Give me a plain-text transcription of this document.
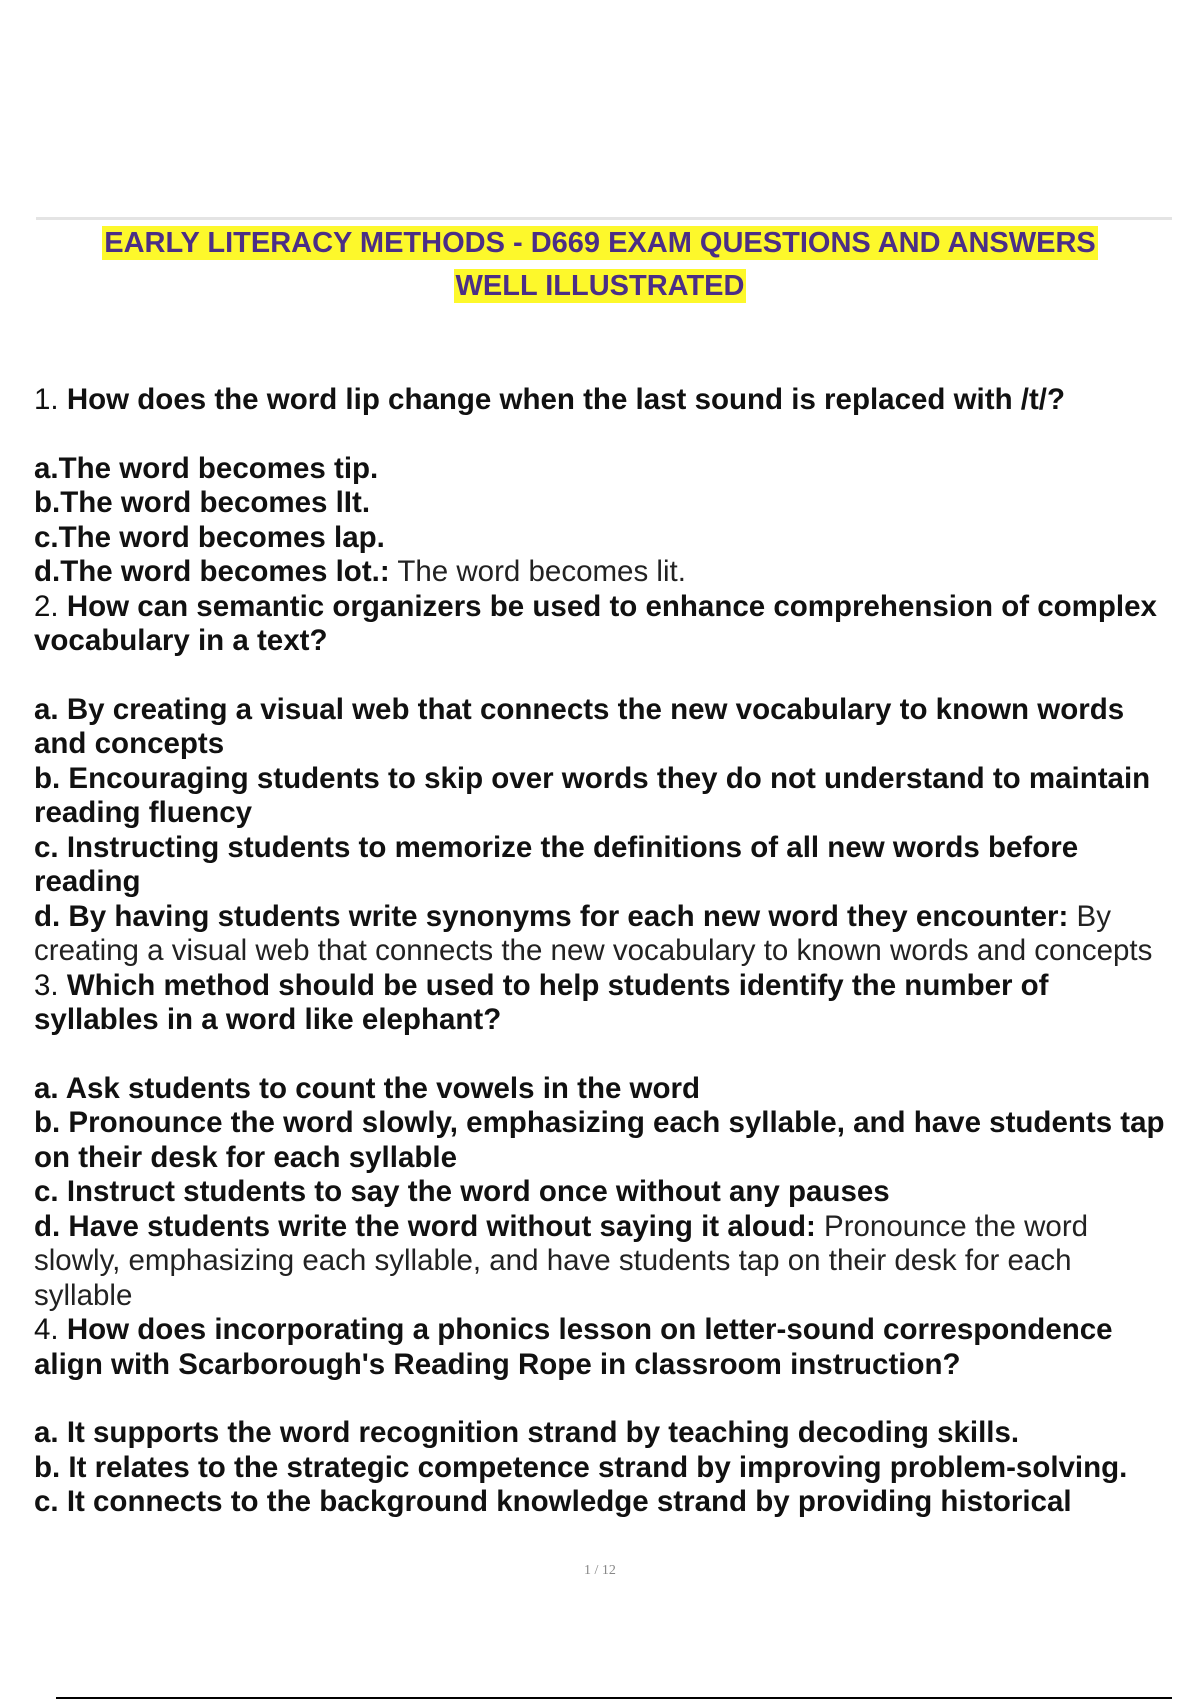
EARLY LITERACY METHODS - D669 EXAM QUESTIONS AND ANSWERS
WELL ILLUSTRATED

1. How does the word lip change when the last sound is replaced with /t/?

a.The word becomes tip.

b.The word becomes lIt.

c.The word becomes lap.

d.The word becomes lot.: The word becomes lit.

2. How can semantic organizers be used to enhance comprehension of complex vocabulary in a text?

a. By creating a visual web that connects the new vocabulary to known words and concepts

b. Encouraging students to skip over words they do not understand to maintain reading fluency

c. Instructing students to memorize the definitions of all new words before reading

d. By having students write synonyms for each new word they encounter: By creating a visual web that connects the new vocabulary to known words and concepts

3. Which method should be used to help students identify the number of syllables in a word like elephant?

a. Ask students to count the vowels in the word

b. Pronounce the word slowly, emphasizing each syllable, and have students tap on their desk for each syllable

c. Instruct students to say the word once without any pauses

d. Have students write the word without saying it aloud: Pronounce the word slowly, emphasizing each syllable, and have students tap on their desk for each syllable

4. How does incorporating a phonics lesson on letter-sound correspondence align with Scarborough's Reading Rope in classroom instruction?

a. It supports the word recognition strand by teaching decoding skills.

b. It relates to the strategic competence strand by improving problem-solving.

c. It connects to the background knowledge strand by providing historical

1 / 12
